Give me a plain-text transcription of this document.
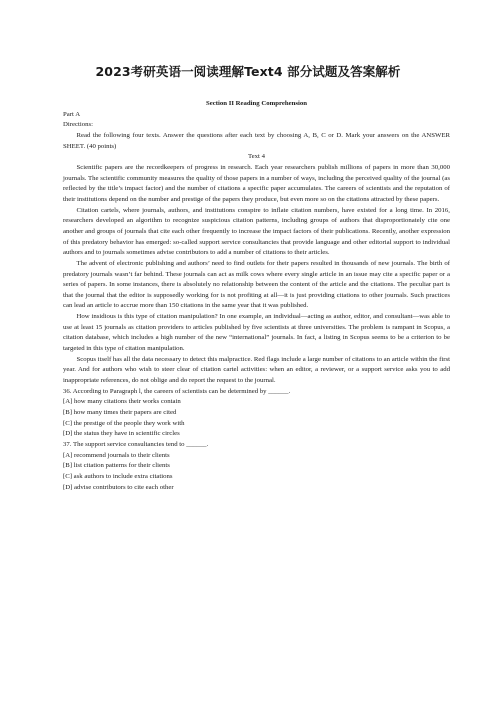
2023考研英语一阅读理解Text4 部分试题及答案解析
Section II Reading Comprehension
Part A
Directions:

Read the following four texts. Answer the questions after each text by choosing A, B, C or D. Mark your answers on the ANSWER SHEET. (40 points)

Text 4

Scientific papers are the recordkeepers of progress in research. Each year researchers publish millions of papers in more than 30,000 journals. The scientific community measures the quality of those papers in a number of ways, including the perceived quality of the journal (as reflected by the title’s impact factor) and the number of citations a specific paper accumulates. The careers of scientists and the reputation of their institutions depend on the number and prestige of the papers they produce, but even more so on the citations attracted by these papers.

Citation cartels, where journals, authors, and institutions conspire to inflate citation numbers, have existed for a long time. In 2016, researchers developed an algorithm to recognize suspicious citation patterns, including groups of authors that disproportionately cite one another and groups of journals that cite each other frequently to increase the impact factors of their publications. Recently, another expression of this predatory behavior has emerged: so-called support service consultancies that provide language and other editorial support to individual authors and to journals sometimes advise contributors to add a number of citations to their articles.

The advent of electronic publishing and authors’ need to find outlets for their papers resulted in thousands of new journals. The birth of predatory journals wasn’t far behind. These journals can act as milk cows where every single article in an issue may cite a specific paper or a series of papers. In some instances, there is absolutely no relationship between the content of the article and the citations. The peculiar part is that the journal that the editor is supposedly working for is not profiting at all—it is just providing citations to other journals. Such practices can lead an article to accrue more than 150 citations in the same year that it was published.

How insidious is this type of citation manipulation? In one example, an individual—acting as author, editor, and consultant—was able to use at least 15 journals as citation providers to articles published by five scientists at three universities. The problem is rampant in Scopus, a citation database, which includes a high number of the new “international” journals. In fact, a listing in Scopus seems to be a criterion to be targeted in this type of citation manipulation.

Scopus itself has all the data necessary to detect this malpractice. Red flags include a large number of citations to an article within the first year. And for authors who wish to steer clear of citation cartel activities: when an editor, a reviewer, or a support service asks you to add inappropriate references, do not oblige and do report the request to the journal.

36. According to Paragraph l, the careers of scientists can be determined by ______.
[A] how many citations their works contain
[B] how many times their papers are cited
[C] the prestige of the people they work with
[D] the status they have in scientific circles
37. The support service consultancies tend to ______.
[A] recommend journals to their clients
[B] list citation patterns for their clients
[C] ask authors to include extra citations
[D] advise contributors to cite each other
